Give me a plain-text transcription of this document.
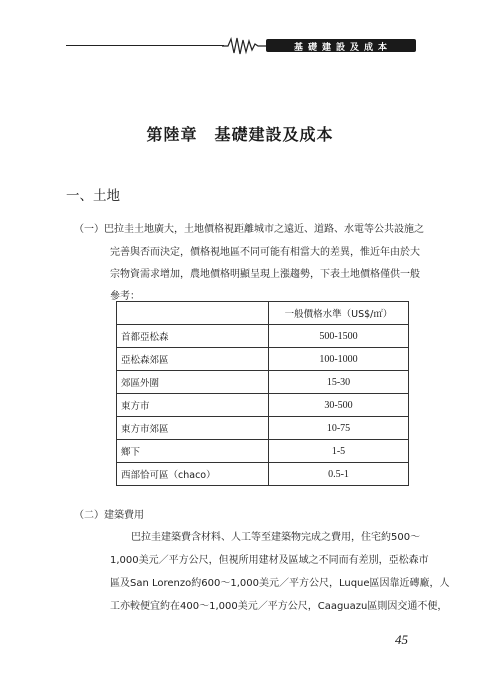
基礎建設及成本
第陸章　基礎建設及成本
一、土地
（一）巴拉圭土地廣大，土地價格視距離城市之遠近、道路、水電等公共設施之
完善與否而決定，價格視地區不同可能有相當大的差異，惟近年由於大
宗物資需求增加，農地價格明顯呈現上漲趨勢，下表土地價格僅供一般
參考：
	一般價格水準（US$/㎡）
首都亞松森	500-1500
亞松森郊區	100-1000
郊區外圍	15-30
東方市	30-500
東方市郊區	10-75
鄉下	1-5
西部恰可區（chaco）	0.5-1
（二）建築費用
巴拉圭建築費含材料、人工等至建築物完成之費用，住宅約500～
1,000美元／平方公尺，但視所用建材及區域之不同而有差別，亞松森市
區及San Lorenzo約600～1,000美元／平方公尺，Luque區因靠近磚廠，人
工亦較便宜約在400～1,000美元／平方公尺，Caaguazu區則因交通不便，
45
